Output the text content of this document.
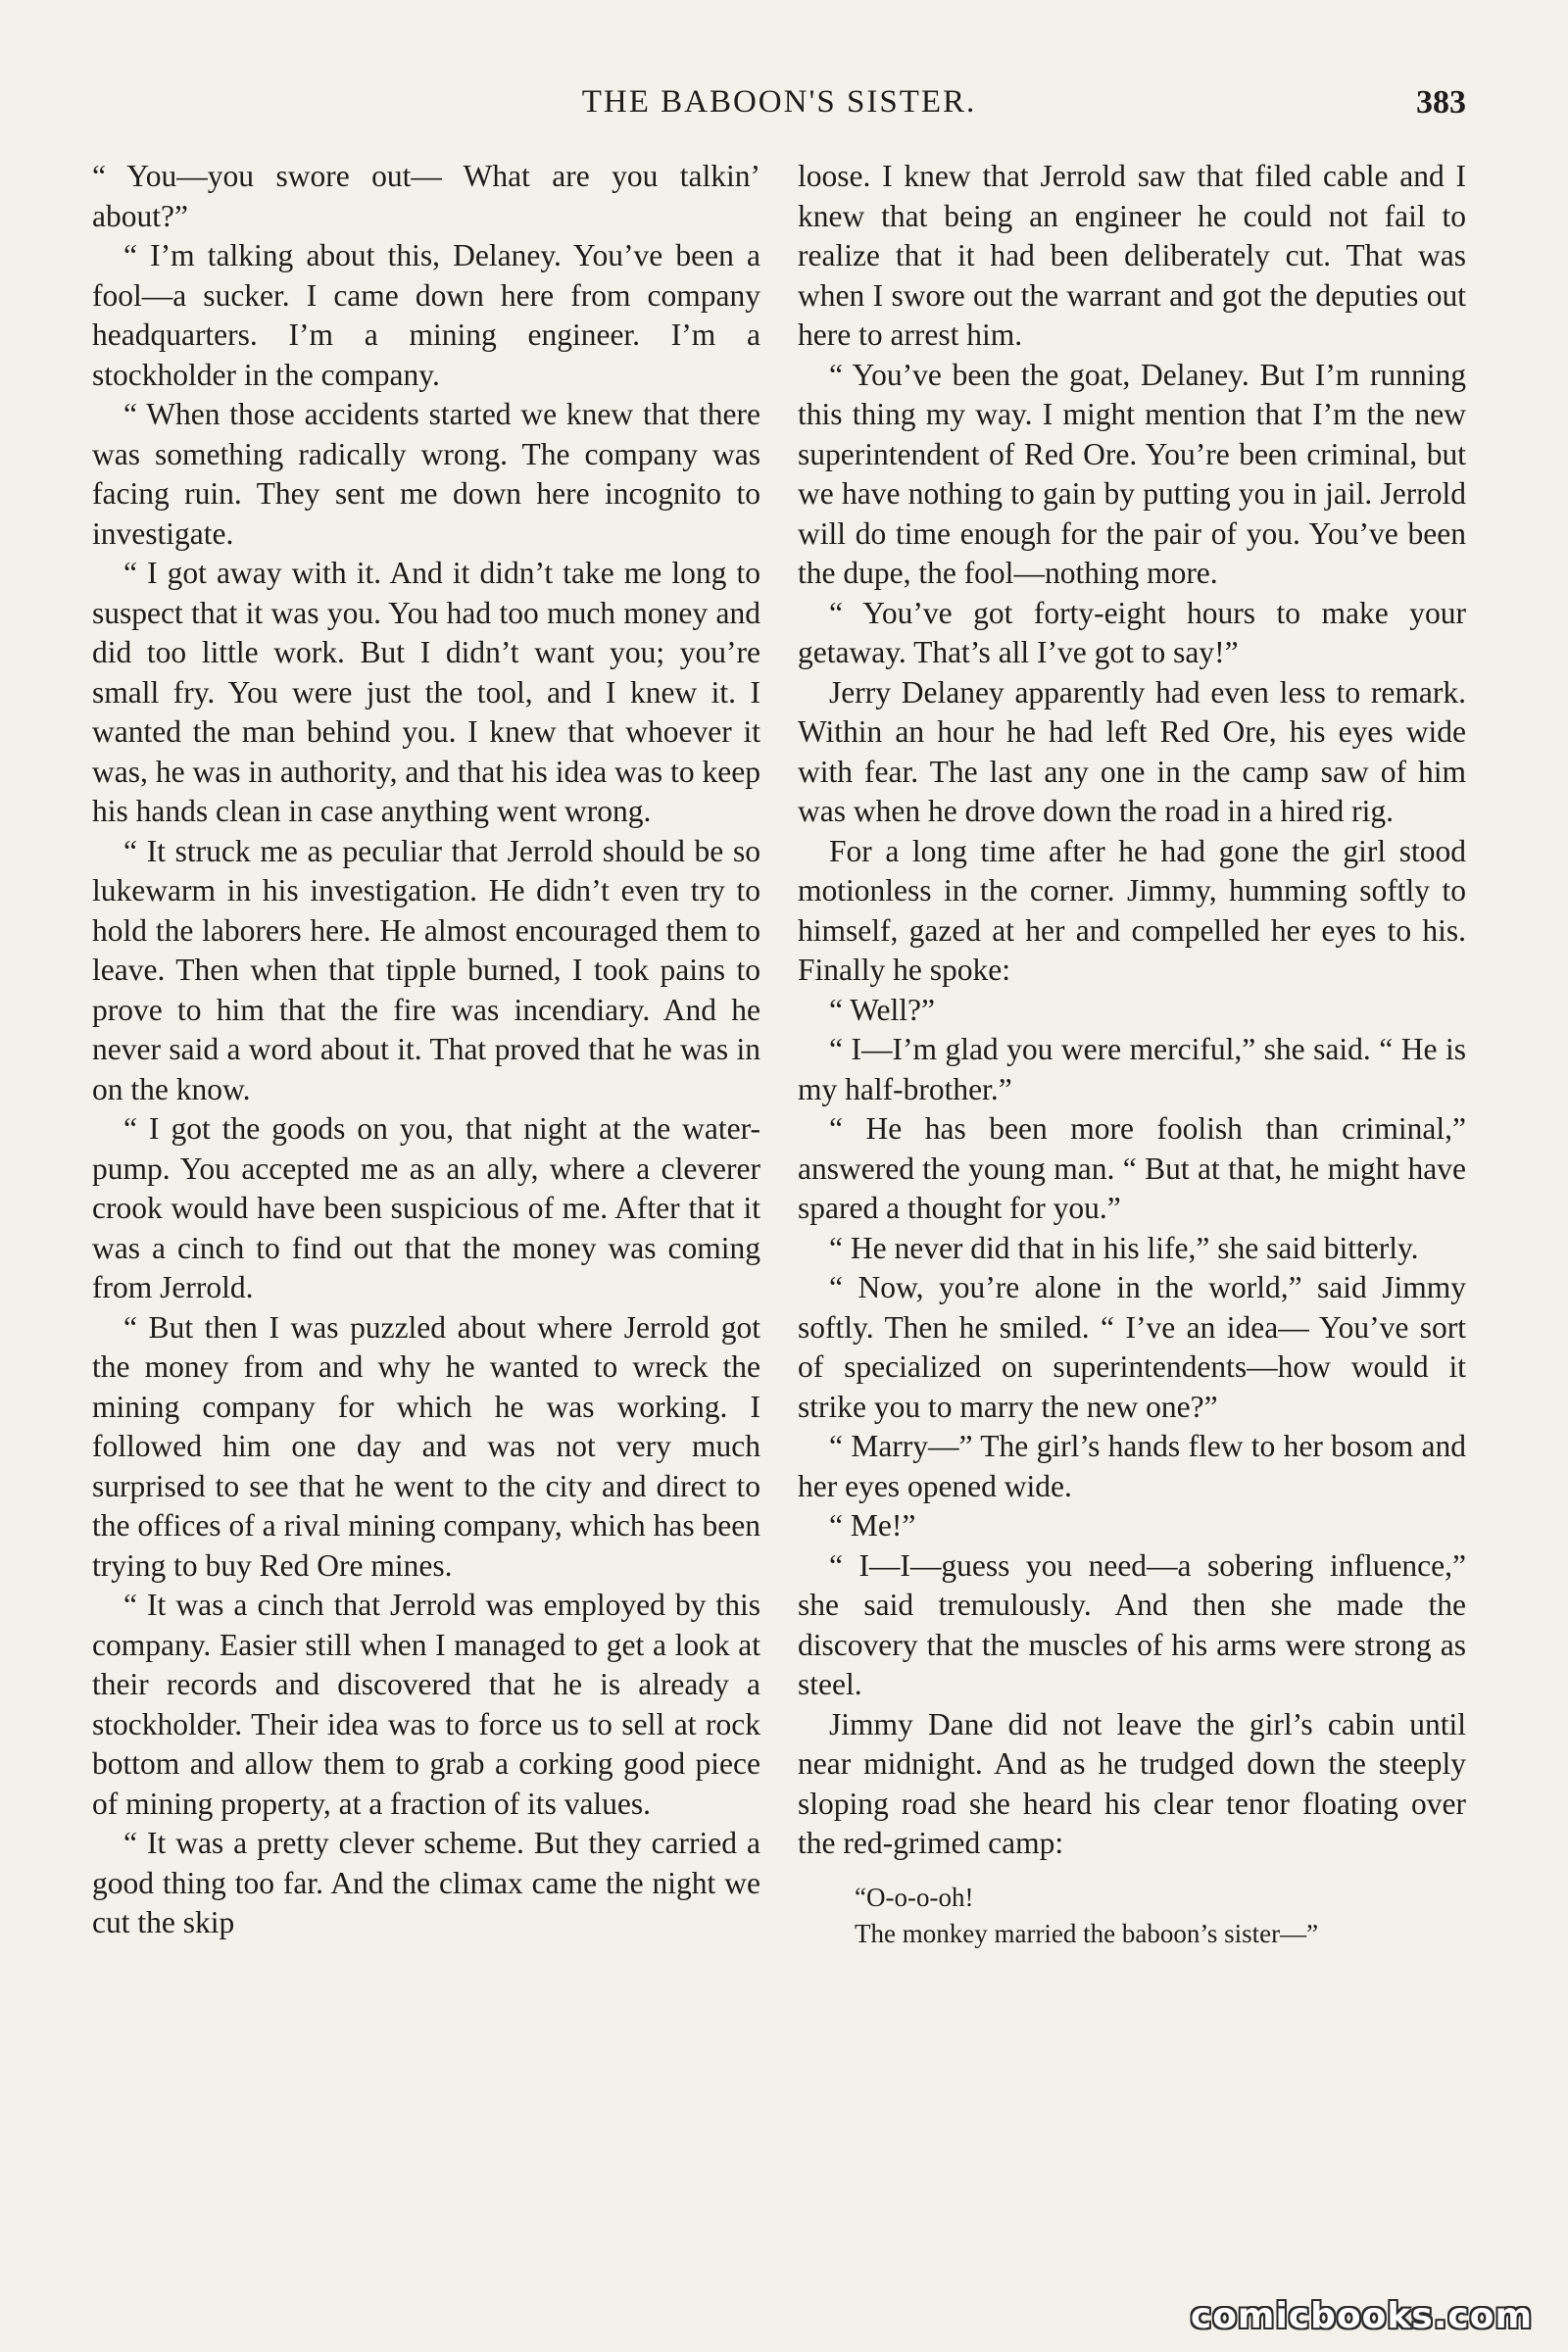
THE BABOON'S SISTER.	383

“ You—you swore out— What are you talkin’ about?”

“ I’m talking about this, Delaney. You’ve been a fool—a sucker. I came down here from company headquarters. I’m a mining engineer. I’m a stockholder in the company.

“ When those accidents started we knew that there was something radically wrong. The company was facing ruin. They sent me down here incognito to investigate.

“ I got away with it. And it didn’t take me long to suspect that it was you. You had too much money and did too little work. But I didn’t want you; you’re small fry. You were just the tool, and I knew it. I wanted the man behind you. I knew that whoever it was, he was in authority, and that his idea was to keep his hands clean in case anything went wrong.

“ It struck me as peculiar that Jerrold should be so lukewarm in his investigation. He didn’t even try to hold the laborers here. He almost encouraged them to leave. Then when that tipple burned, I took pains to prove to him that the fire was incendiary. And he never said a word about it. That proved that he was in on the know.

“ I got the goods on you, that night at the water-pump. You accepted me as an ally, where a cleverer crook would have been suspicious of me. After that it was a cinch to find out that the money was coming from Jerrold.

“ But then I was puzzled about where Jerrold got the money from and why he wanted to wreck the mining company for which he was working. I followed him one day and was not very much surprised to see that he went to the city and direct to the offices of a rival mining company, which has been trying to buy Red Ore mines.

“ It was a cinch that Jerrold was employed by this company. Easier still when I managed to get a look at their records and discovered that he is already a stockholder. Their idea was to force us to sell at rock bottom and allow them to grab a corking good piece of mining property, at a fraction of its values.

“ It was a pretty clever scheme. But they carried a good thing too far. And the climax came the night we cut the skip

loose. I knew that Jerrold saw that filed cable and I knew that being an engineer he could not fail to realize that it had been deliberately cut. That was when I swore out the warrant and got the deputies out here to arrest him.

“ You’ve been the goat, Delaney. But I’m running this thing my way. I might mention that I’m the new superintendent of Red Ore. You’re been criminal, but we have nothing to gain by putting you in jail. Jerrold will do time enough for the pair of you. You’ve been the dupe, the fool—nothing more.

“ You’ve got forty-eight hours to make your getaway. That’s all I’ve got to say!”

Jerry Delaney apparently had even less to remark. Within an hour he had left Red Ore, his eyes wide with fear. The last any one in the camp saw of him was when he drove down the road in a hired rig.

For a long time after he had gone the girl stood motionless in the corner. Jimmy, humming softly to himself, gazed at her and compelled her eyes to his. Finally he spoke:

“ Well?”

“ I—I’m glad you were merciful,” she said. “ He is my half-brother.”

“ He has been more foolish than criminal,” answered the young man. “ But at that, he might have spared a thought for you.”

“ He never did that in his life,” she said bitterly.

“ Now, you’re alone in the world,” said Jimmy softly. Then he smiled. “ I’ve an idea— You’ve sort of specialized on superintendents—how would it strike you to marry the new one?”

“ Marry—” The girl’s hands flew to her bosom and her eyes opened wide.

“ Me!”

“ I—I—guess you need—a sobering influence,” she said tremulously. And then she made the discovery that the muscles of his arms were strong as steel.

Jimmy Dane did not leave the girl’s cabin until near midnight. And as he trudged down the steeply sloping road she heard his clear tenor floating over the red-grimed camp:

“O-o-o-oh!
The monkey married the baboon’s sister—”
comicbooks.com
